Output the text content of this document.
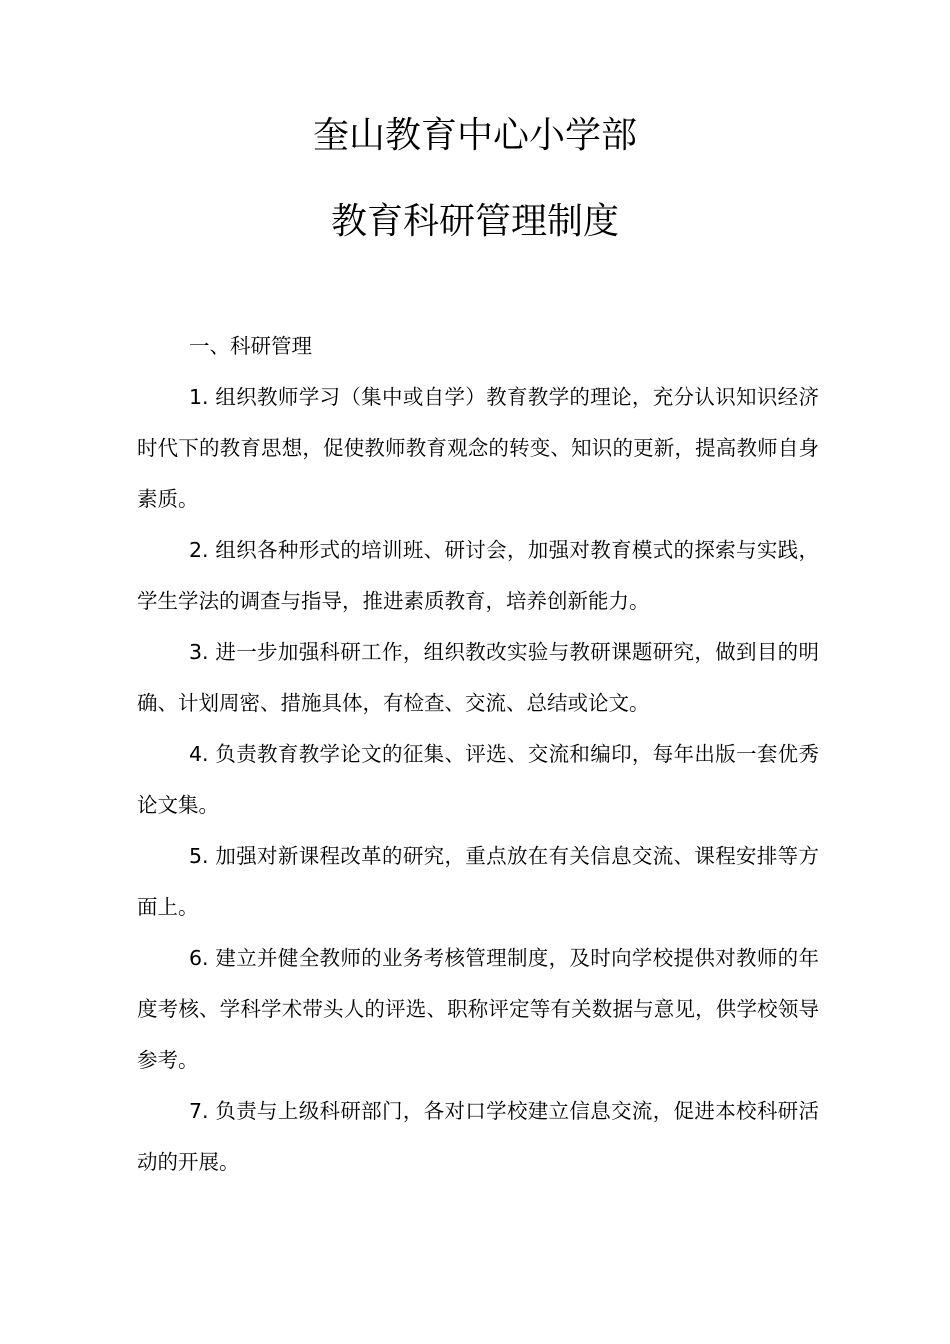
奎山教育中心小学部
教育科研管理制度
一、科研管理

1. 组织教师学习（集中或自学）教育教学的理论，充分认识知识经济时代下的教育思想，促使教师教育观念的转变、知识的更新，提高教师自身素质。

2. 组织各种形式的培训班、研讨会，加强对教育模式的探索与实践，学生学法的调查与指导，推进素质教育，培养创新能力。

3. 进一步加强科研工作，组织教改实验与教研课题研究，做到目的明确、计划周密、措施具体，有检查、交流、总结或论文。

4. 负责教育教学论文的征集、评选、交流和编印，每年出版一套优秀论文集。

5. 加强对新课程改革的研究，重点放在有关信息交流、课程安排等方面上。

6. 建立并健全教师的业务考核管理制度，及时向学校提供对教师的年度考核、学科学术带头人的评选、职称评定等有关数据与意见，供学校领导参考。

7. 负责与上级科研部门，各对口学校建立信息交流，促进本校科研活动的开展。
